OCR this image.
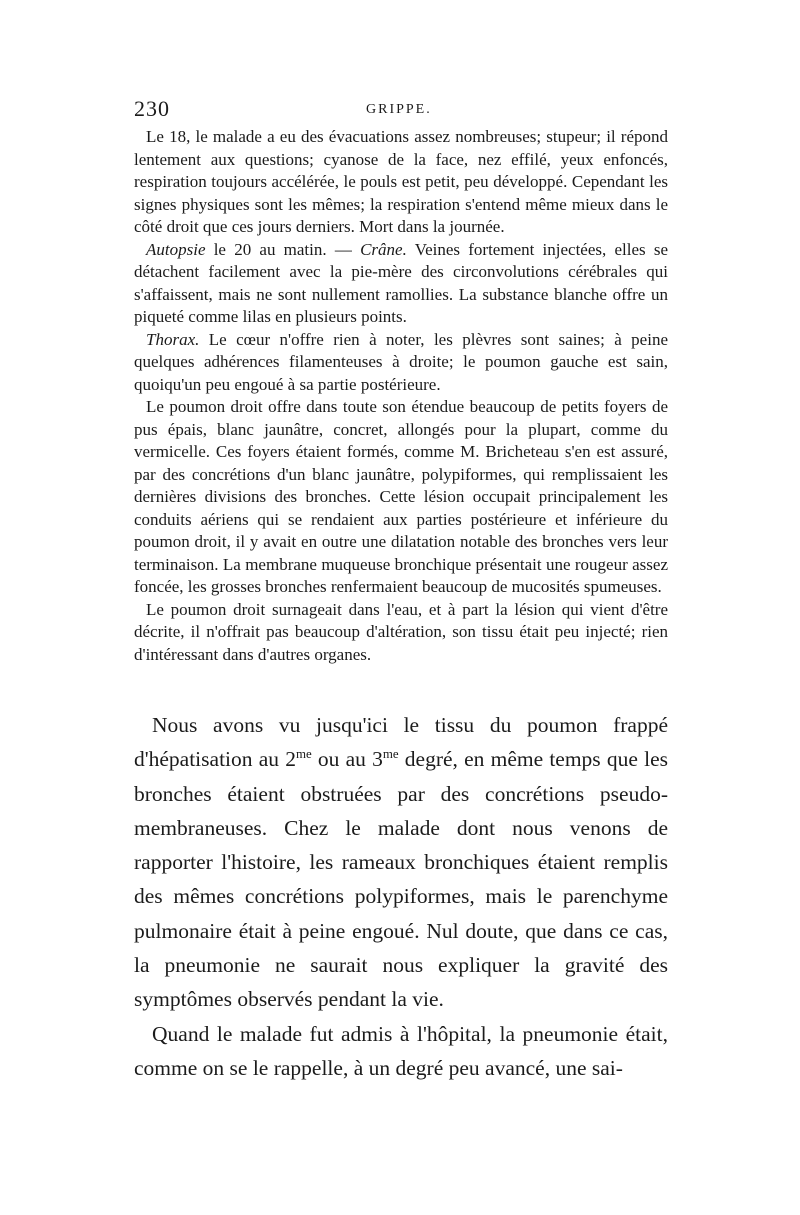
230	GRIPPE.

Le 18, le malade a eu des évacuations assez nombreuses; stupeur; il répond lentement aux questions; cyanose de la face, nez effilé, yeux enfoncés, respiration toujours accélérée, le pouls est petit, peu développé. Cependant les signes physiques sont les mêmes; la respiration s'entend même mieux dans le côté droit que ces jours derniers. Mort dans la journée.

Autopsie le 20 au matin. — Crâne. Veines fortement injectées, elles se détachent facilement avec la pie-mère des circonvolutions cérébrales qui s'affaissent, mais ne sont nullement ramollies. La substance blanche offre un piqueté comme lilas en plusieurs points.

Thorax. Le cœur n'offre rien à noter, les plèvres sont saines; à peine quelques adhérences filamenteuses à droite; le poumon gauche est sain, quoiqu'un peu engoué à sa partie postérieure.

Le poumon droit offre dans toute son étendue beaucoup de petits foyers de pus épais, blanc jaunâtre, concret, allongés pour la plupart, comme du vermicelle. Ces foyers étaient formés, comme M. Bricheteau s'en est assuré, par des concrétions d'un blanc jaunâtre, polypiformes, qui remplissaient les dernières divisions des bronches. Cette lésion occupait principalement les conduits aériens qui se rendaient aux parties postérieure et inférieure du poumon droit, il y avait en outre une dilatation notable des bronches vers leur terminaison. La membrane muqueuse bronchique présentait une rougeur assez foncée, les grosses bronches renfermaient beaucoup de mucosités spumeuses.

Le poumon droit surnageait dans l'eau, et à part la lésion qui vient d'être décrite, il n'offrait pas beaucoup d'altération, son tissu était peu injecté; rien d'intéressant dans d'autres organes.

Nous avons vu jusqu'ici le tissu du poumon frappé d'hépatisation au $2^{me}$ ou au $3^{me}$ degré, en même temps que les bronches étaient obstruées par des concrétions pseudo-membraneuses. Chez le malade dont nous venons de rapporter l'histoire, les rameaux bronchiques étaient remplis des mêmes concrétions polypiformes, mais le parenchyme pulmonaire était à peine engoué. Nul doute, que dans ce cas, la pneumonie ne saurait nous expliquer la gravité des symptômes observés pendant la vie.

Quand le malade fut admis à l'hôpital, la pneumonie était, comme on se le rappelle, à un degré peu avancé, une sai-
